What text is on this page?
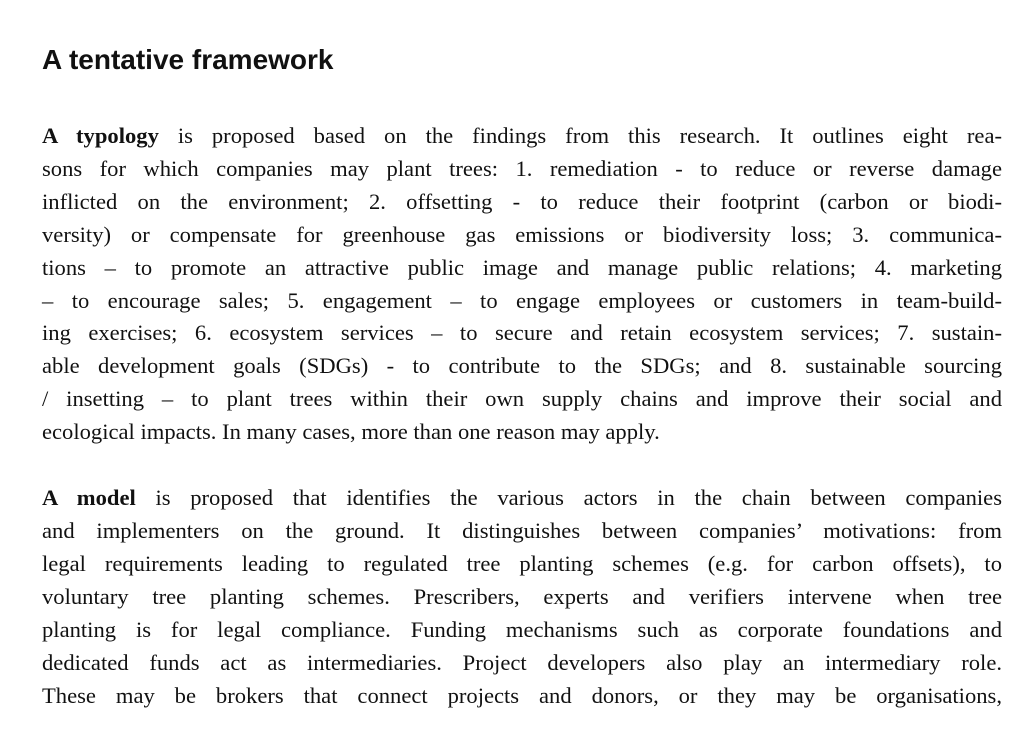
A tentative framework

A typology is proposed based on the findings from this research. It outlines eight rea-
sons for which companies may plant trees: 1. remediation - to reduce or reverse damage
inflicted on the environment; 2. offsetting - to reduce their footprint (carbon or biodi-
versity) or compensate for greenhouse gas emissions or biodiversity loss; 3. communica-
tions – to promote an attractive public image and manage public relations; 4. marketing
– to encourage sales; 5. engagement – to engage employees or customers in team-build-
ing exercises; 6. ecosystem services – to secure and retain ecosystem services; 7. sustain-
able development goals (SDGs) - to contribute to the SDGs; and 8. sustainable sourcing
/ insetting – to plant trees within their own supply chains and improve their social and
ecological impacts. In many cases, more than one reason may apply.

A model is proposed that identifies the various actors in the chain between companies
and implementers on the ground. It distinguishes between companies’ motivations: from
legal requirements leading to regulated tree planting schemes (e.g. for carbon offsets), to
voluntary tree planting schemes. Prescribers, experts and verifiers intervene when tree
planting is for legal compliance. Funding mechanisms such as corporate foundations and
dedicated funds act as intermediaries. Project developers also play an intermediary role.
These may be brokers that connect projects and donors, or they may be organisations,
